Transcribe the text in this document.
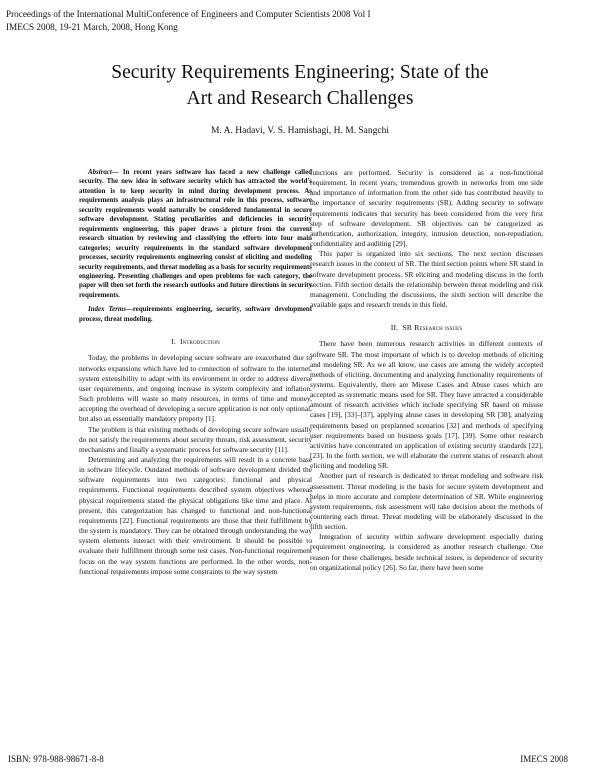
Proceedings of the International MultiConference of Engineers and Computer Scientists 2008 Vol I
IMECS 2008, 19-21 March, 2008, Hong Kong
Security Requirements Engineering; State of the
Art and Research Challenges
M. A. Hadavi, V. S. Hamishagi, H. M. Sangchi

Abstract— In recent years software has faced a new challenge called security. The new idea in software security which has attracted the world's attention is to keep security in mind during development process. As requirements analysis plays an infrastructural role in this process, software security requirements would naturally be considered fundamental in secure software development. Stating peculiarities and deficiencies in security requirements engineering, this paper draws a picture from the current research situation by reviewing and classifying the efforts into four main categories; security requirements in the standard software development processes, security requirements engineering consist of eliciting and modeling security requirements, and threat modeling as a basis for security requirements engineering. Presenting challenges and open problems for each category, the paper will then set forth the research outlooks and future directions in security requirements.

Index Terms—requirements engineering, security, software development process, threat modeling.

I. Introduction

Today, the problems in developing secure software are exacerbated due to networks expansions which have led to connection of software to the internet, system extensibility to adapt with its environment in order to address diverse user requirements, and ongoing increase in system complexity and inflation. Such problems will waste so many resources, in terms of time and money, accepting the overhead of developing a secure application is not only optional, but also an essentially mandatory property [1].

The problem is that existing methods of developing secure software usually do not satisfy the requirements about security threats, risk assessment, security mechanisms and finally a systematic process for software security [11].

Determining and analyzing the requirements will result in a concrete base in software lifecycle. Outdated methods of software development divided the software requirements into two categories: functional and physical requirements. Functional requirements described system objectives whereas physical requirements stated the physical obligations like time and place. At present, this categorization has changed to functional and non-functional requirements [22]. Functional requirements are those that their fulfillment by the system is mandatory. They can be obtained through understanding the way system elements interact with their environment. It should be possible to evaluate their fulfillment through some test cases. Non-functional requirement focus on the way system functions are performed. In the other words, non-functional requirements impose some constraints to the way system

functions are performed. Security is considered as a non-functional requirement. In recent years, tremendous growth in networks from one side and importance of information from the other side has contributed heavily to the importance of security requirements (SR). Adding security to software requirements indicates that security has been considered from the very first step of software development. SR objectives can be categorized as authentication, authorization, integrity, intrusion detection, non-repudiation, confidentiality and auditing [29].

This paper is organized into six sections. The next section discusses research issues in the context of SR. The third section points where SR stand in software development process. SR eliciting and modeling discuss in the forth section. Fifth section details the relationship between threat modeling and risk management. Concluding the discussions, the sixth section will describe the available gaps and research trends in this field.

II. SR Research issues

There have been numerous research activities in different contexts of software SR. The most important of which is to develop methods of eliciting and modeling SR. As we all know, use cases are among the widely accepted methods of eliciting, documenting and analyzing functionality requirements of systems. Equivalently, there are Misuse Cases and Abuse cases which are accepted as systematic means used for SR. They have attracted a considerable amount of research activities which include specifying SR based on misuse cases [19], [33]–[37], applying abuse cases in developing SR [38], analyzing requirements based on preplanned scenarios [32] and methods of specifying user requirements based on business goals [17], [39]. Some other research activities have concentrated on application of existing security standards [22], [23]. In the forth section, we will elaborate the current status of research about eliciting and modeling SR.

Another part of research is dedicated to threat modeling and software risk assessment. Threat modeling is the basis for secure system development and helps in more accurate and complete determination of SR. While engineering system requirements, risk assessment will take decision about the methods of countering each threat. Threat modeling will be elaborately discussed in the fifth section.

Integration of security within software development especially during requirement engineering, is considered as another research challenge. One reason for these challenges, beside technical issues, is dependence of security on organizational policy [26]. So far, there have been some

ISBN: 978-988-98671-8-8	IMECS 2008
